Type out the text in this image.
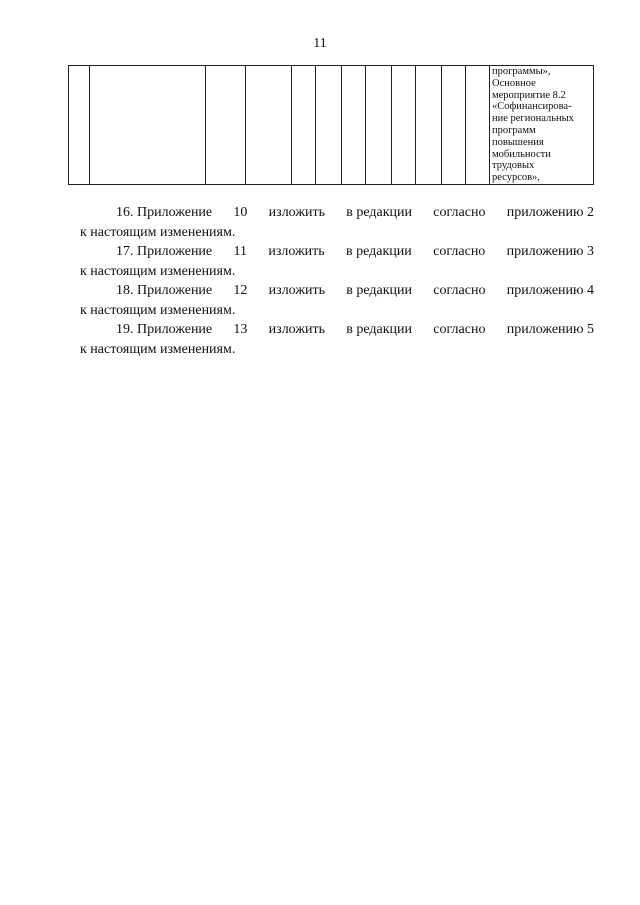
11
программы»,
Основное
мероприятие 8.2
«Софинансирова-
ние региональных
программ
повышения
мобильности
трудовых
ресурсов»,
16. Приложение 10 изложить в редакции согласно приложению 2
к настоящим изменениям.
17. Приложение 11 изложить в редакции согласно приложению 3
к настоящим изменениям.
18. Приложение 12 изложить в редакции согласно приложению 4
к настоящим изменениям.
19. Приложение 13 изложить в редакции согласно приложению 5
к настоящим изменениям.
